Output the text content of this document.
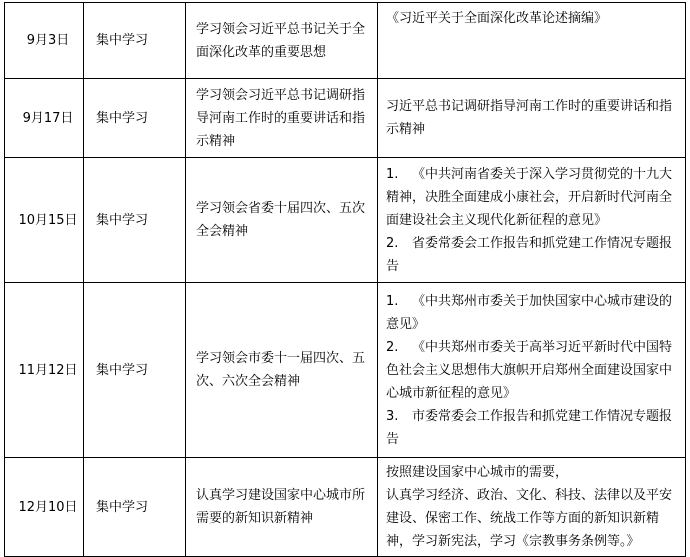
9月3日	集中学习	学习领会习近平总书记关于全面深化改革的重要思想	《习近平关于全面深化改革论述摘编》
9月17日	集中学习	学习领会习近平总书记调研指导河南工作时的重要讲话和指示精神	习近平总书记调研指导河南工作时的重要讲话和指示精神
10月15日	集中学习	学习领会省委十届四次、五次全会精神	1. 《中共河南省委关于深入学习贯彻党的十九大精神，决胜全面建成小康社会，开启新时代河南全面建设社会主义现代化新征程的意见》
2. 省委常委会工作报告和抓党建工作情况专题报告

11月12日	集中学习	学习领会市委十一届四次、五次、六次全会精神	1. 《中共郑州市委关于加快国家中心城市建设的意见》
2. 《中共郑州市委关于高举习近平新时代中国特色社会主义思想伟大旗帜开启郑州全面建设国家中心城市新征程的意见》
3. 市委常委会工作报告和抓党建工作情况专题报告

12月10日	集中学习	认真学习建设国家中心城市所需要的新知识新精神	按照建设国家中心城市的需要，
认真学习经济、政治、文化、科技、法律以及平安建设、保密工作、统战工作等方面的新知识新精神，学习新宪法，学习《宗教事务条例等。》
